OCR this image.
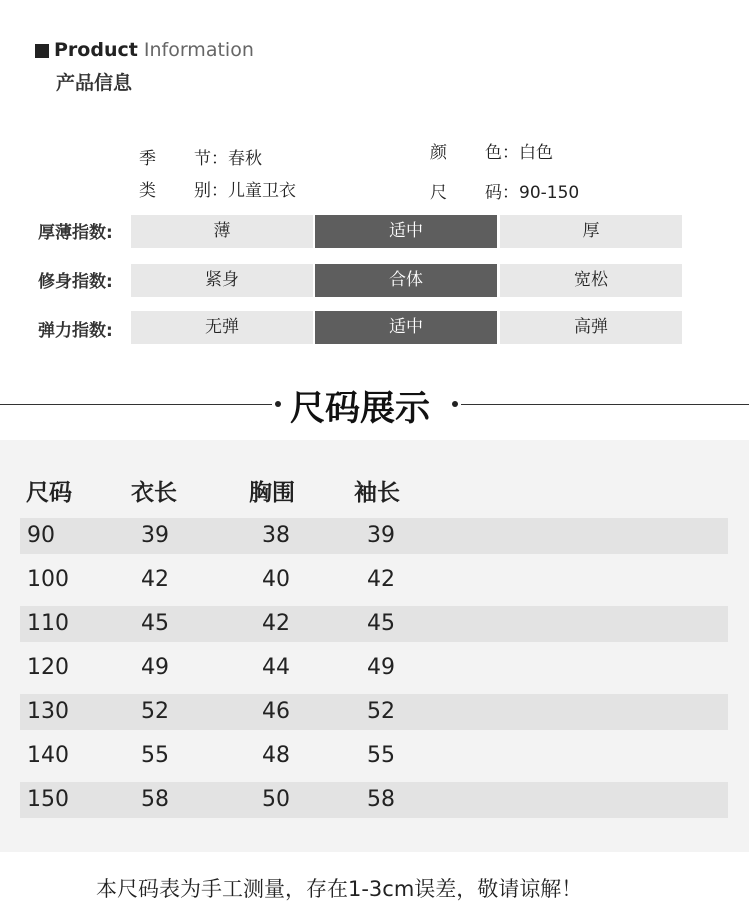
Product Information
产品信息
季 节：春秋
类 别：儿童卫衣
颜 色：白色
尺 码：90-150
厚薄指数:	薄	适中	厚
修身指数:	紧身	合体	宽松
弹力指数:	无弹	适中	高弹
尺码展示
尺码	衣长	胸围	袖长
90	39	38	39
100	42	40	42
110	45	42	45
120	49	44	49
130	52	46	52
140	55	48	55
150	58	50	58
本尺码表为手工测量，存在1-3cm误差，敬请谅解！
